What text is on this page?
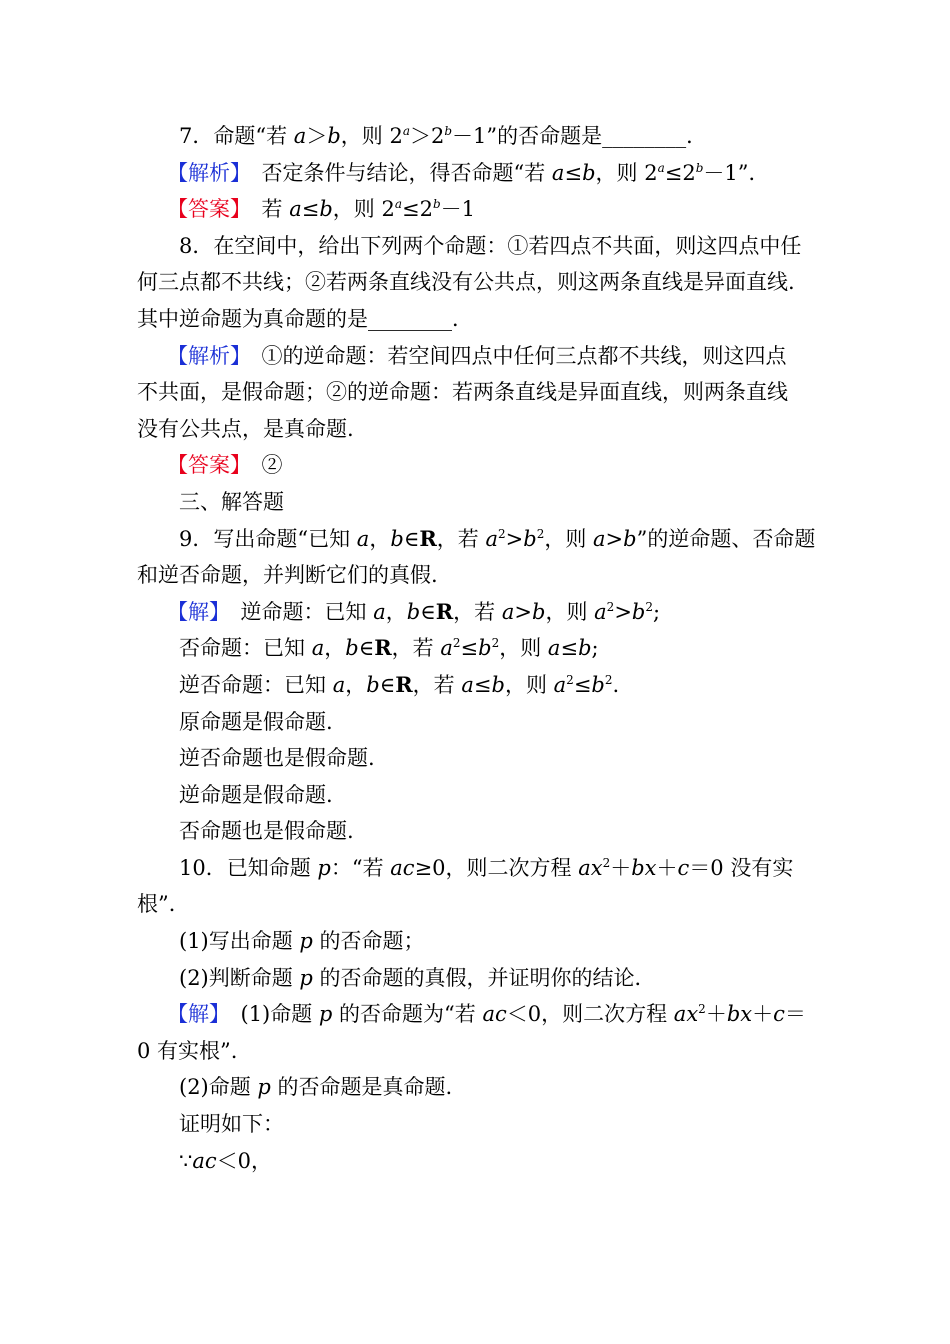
7．命题“若 a＞b，则 $2^a>2^b-1$”的否命题是________．
【解析】　否定条件与结论，得否命题“若 a≤b，则 $2^a\le 2^b-1$”．
【答案】　若 a≤b，则 $2^a\le 2^b-1$
8．在空间中，给出下列两个命题：①若四点不共面，则这四点中任
何三点都不共线；②若两条直线没有公共点，则这两条直线是异面直线.
其中逆命题为真命题的是________．
【解析】　①的逆命题：若空间四点中任何三点都不共线，则这四点
不共面，是假命题；②的逆命题：若两条直线是异面直线，则两条直线
没有公共点，是真命题.
【答案】　②
三、解答题
9．写出命题“已知 a，b∈R，若 $a^2>b^2$，则 a>b”的逆命题、否命题
和逆否命题，并判断它们的真假.
【解】　逆命题：已知 a，b∈R，若 a>b，则 $a^2>b^2$;
否命题：已知 a，b∈R，若 $a^2\le b^2$，则 a≤b;
逆否命题：已知 a，b∈R，若 a≤b，则 $a^2\le b^2$.
原命题是假命题.
逆否命题也是假命题.
逆命题是假命题.
否命题也是假命题.
10．已知命题 p：“若 ac≥0，则二次方程 $ax^2+bx+c=0$ 没有实
根”．
(1)写出命题 p 的否命题；
(2)判断命题 p 的否命题的真假，并证明你的结论．
【解】　(1)命题 p 的否命题为“若 ac＜0，则二次方程 $ax^2+bx+c=$
0 有实根”.
(2)命题 p 的否命题是真命题.
证明如下：
∵ac＜0，
